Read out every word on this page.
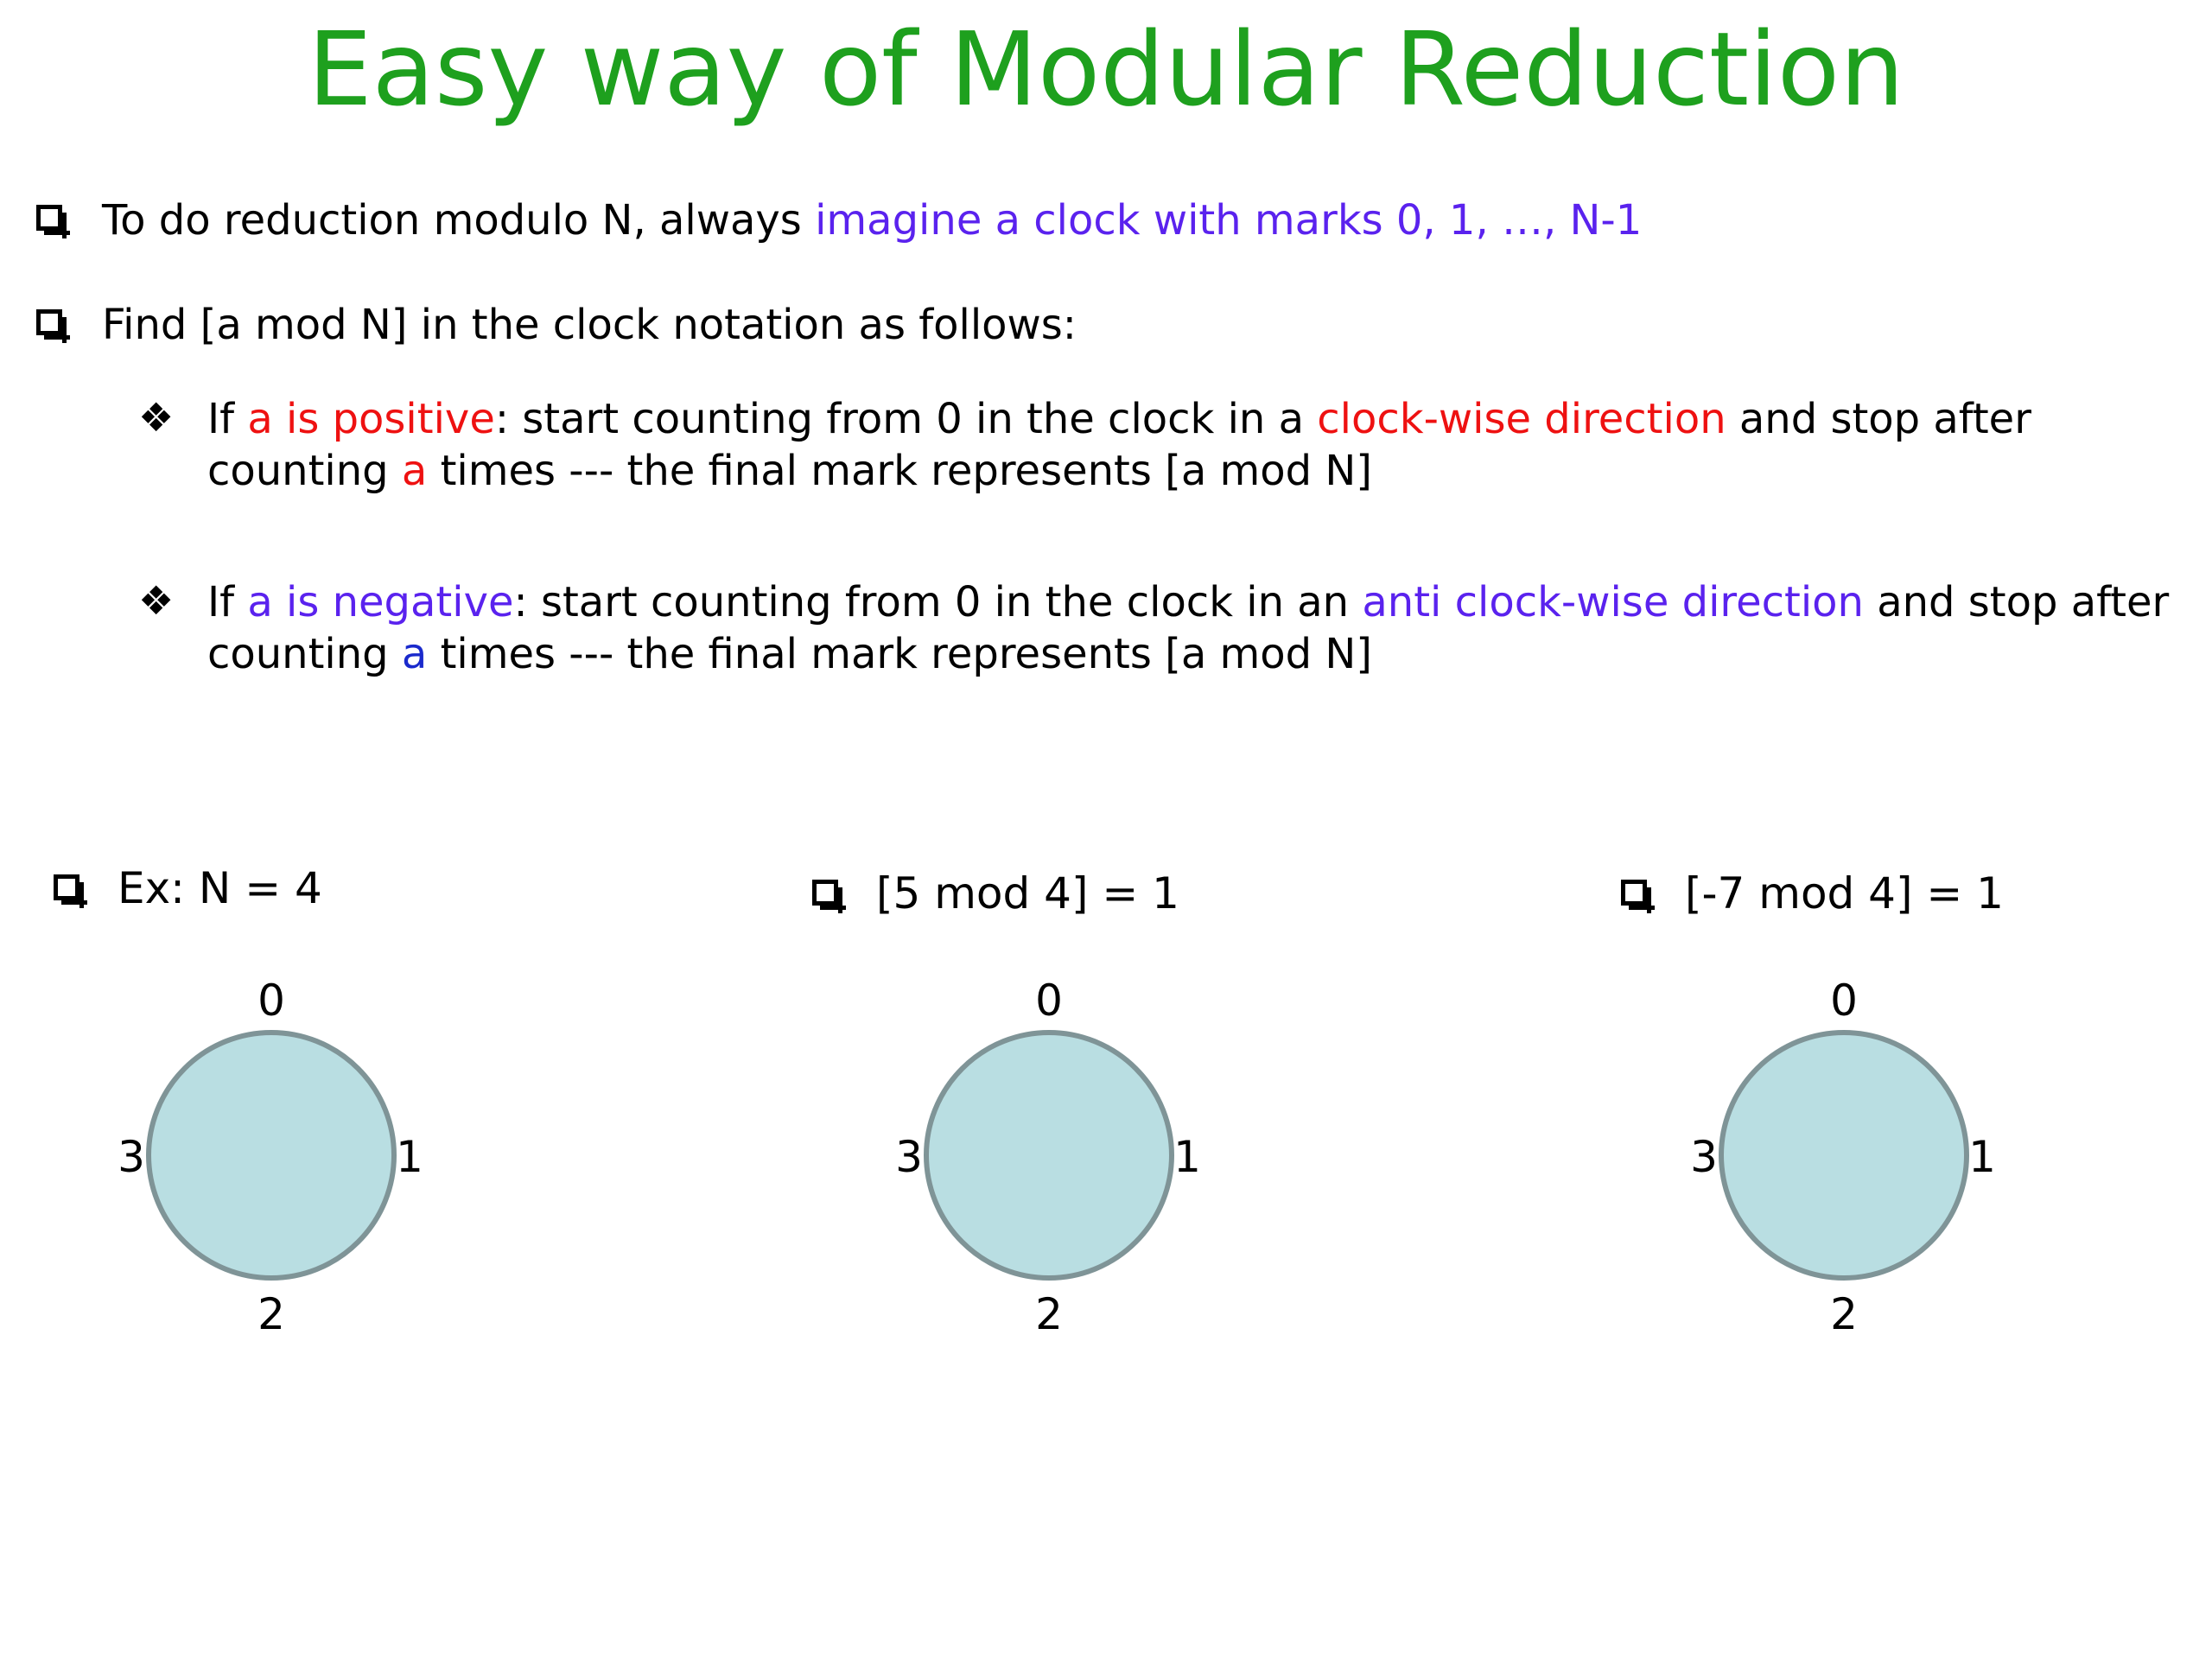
Easy way of Modular Reduction
To do reduction modulo N, always imagine a clock with marks 0, 1, …, N-1
Find [a mod N] in the clock notation as follows:
❖ If a is positive: start counting from 0 in the clock in a clock-wise direction and stop after
counting a times --- the final mark represents [a mod N]
❖ If a is negative: start counting from 0 in the clock in an anti clock-wise direction and stop after
counting a times --- the final mark represents [a mod N]
Ex: N = 4	[5 mod 4] = 1	[-7 mod 4] = 1
0
1
2
3
0
1
2
3
0
1
2
3
